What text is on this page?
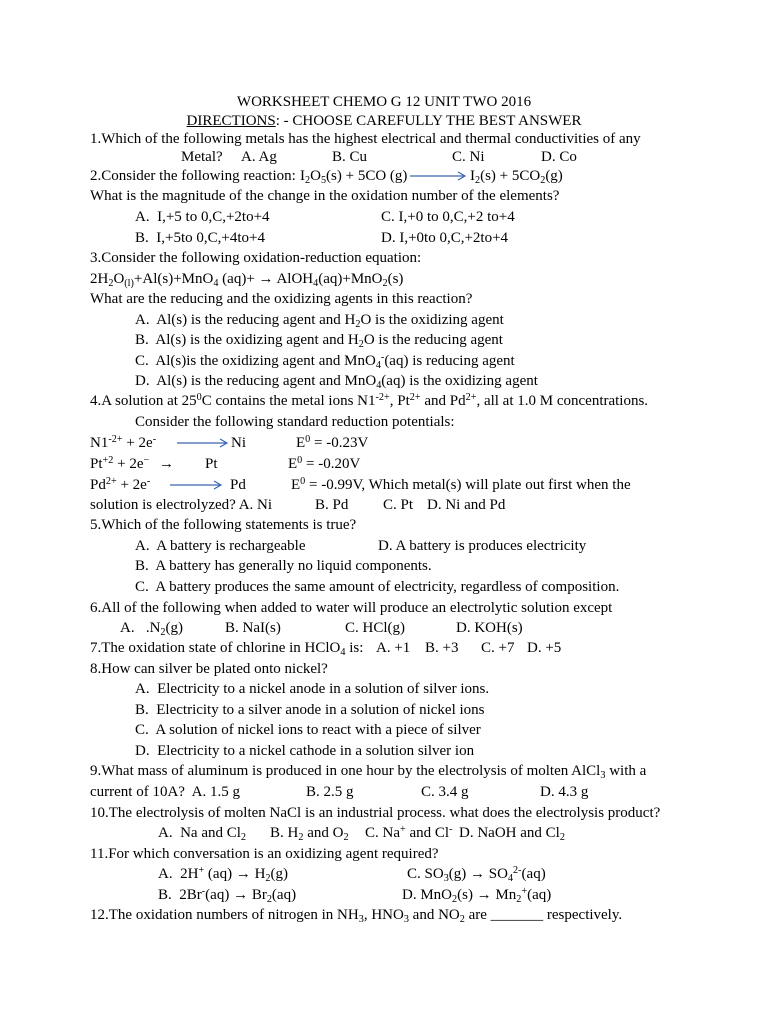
WORKSHEET CHEMO G 12 UNIT TWO 2016
DIRECTIONS: - CHOOSE CAREFULLY THE BEST ANSWER
1.Which of the following metals has the highest electrical and thermal conductivities of any
Metal? A. Ag	B. Cu	C. Ni	D. Co
2.Consider the following reaction: $I_2O_5(s) + 5CO$ (g)	$I_2(s) + 5CO_2(g)$
What is the magnitude of the change in the oxidation number of the elements?
A.  I,+5 to 0,C,+2to+4	C. I,+0 to 0,C,+2 to+4
B.  I,+5to 0,C,+4to+4	D. I,+0to 0,C,+2to+4
3.Consider the following oxidation-reduction equation:
$2H_2O_{(l)}+Al(s)+MnO_4$ (aq)+ → AlOH$_4$(aq)+MnO$_2$(s)
What are the reducing and the oxidizing agents in this reaction?
A.  Al(s) is the reducing agent and $H_2O$ is the oxidizing agent
B.  Al(s) is the oxidizing agent and $H_2O$ is the reducing agent
C.  Al(s)is the oxidizing agent and MnO$_4$-(aq) is reducing agent
D.  Al(s) is the reducing agent and MnO$_4$(aq) is the oxidizing agent
4.A solution at $25^0C$ contains the metal ions $N1^{-2+}$, $Pt^{2+}$ and $Pd^{2+}$, all at 1.0 M concentrations.
Consider the following standard reduction potentials:
$N1^{-2+} + 2e^-$	Ni	$E^0 = -0.23V$
$Pt^{+2} + 2e^- \to Pt$	$E^0 = -0.20V$
$Pd^{2+} + 2e^-$	Pd	$E^0 = -0.99V$, Which metal(s) will plate out first when the
solution is electrolyzed? A. Ni	B. Pd C. Pt D. Ni and Pd
5.Which of the following statements is true?
A.  A battery is rechargeable	D. A battery is produces electricity
B.  A battery has generally no liquid components.
C.  A battery produces the same amount of electricity, regardless of composition.
6.All of the following when added to water will produce an electrolytic solution except
A.   $.N_2(g)$	B. NaI(s)	C. HCl(g)	D. KOH(s)
7.The oxidation state of chlorine in HClO$_4$ is: A. +1 B. +3 C. +7 D. +5
8.How can silver be plated onto nickel?
A.  Electricity to a nickel anode in a solution of silver ions.
B.  Electricity to a silver anode in a solution of nickel ions
C.  A solution of nickel ions to react with a piece of silver
D.  Electricity to a nickel cathode in a solution silver ion
9.What mass of aluminum is produced in one hour by the electrolysis of molten AlCl$_3$ with a
current of 10A?  A. 1.5 g	B. 2.5 g	C. 3.4 g	D. 4.3 g
10.The electrolysis of molten NaCl is an industrial process. what does the electrolysis product?
A.  Na and $Cl_2$ B. $H_2$ and $O_2$ C. Na+ and Cl- D. NaOH and $Cl_2$
11.For which conversation is an oxidizing agent required?
A.  2H+ $(aq) \to H_2(g)$	C. $SO_3(g) \to SO_4^{2-}(aq)$
B.  $2Br^-(aq) \to Br_2(aq)$	D. $MnO_2(s) \to Mn_2^+(aq)$
12.The oxidation numbers of nitrogen in $NH_3$, $HNO_3$ and $NO_2$ are _______ respectively.
